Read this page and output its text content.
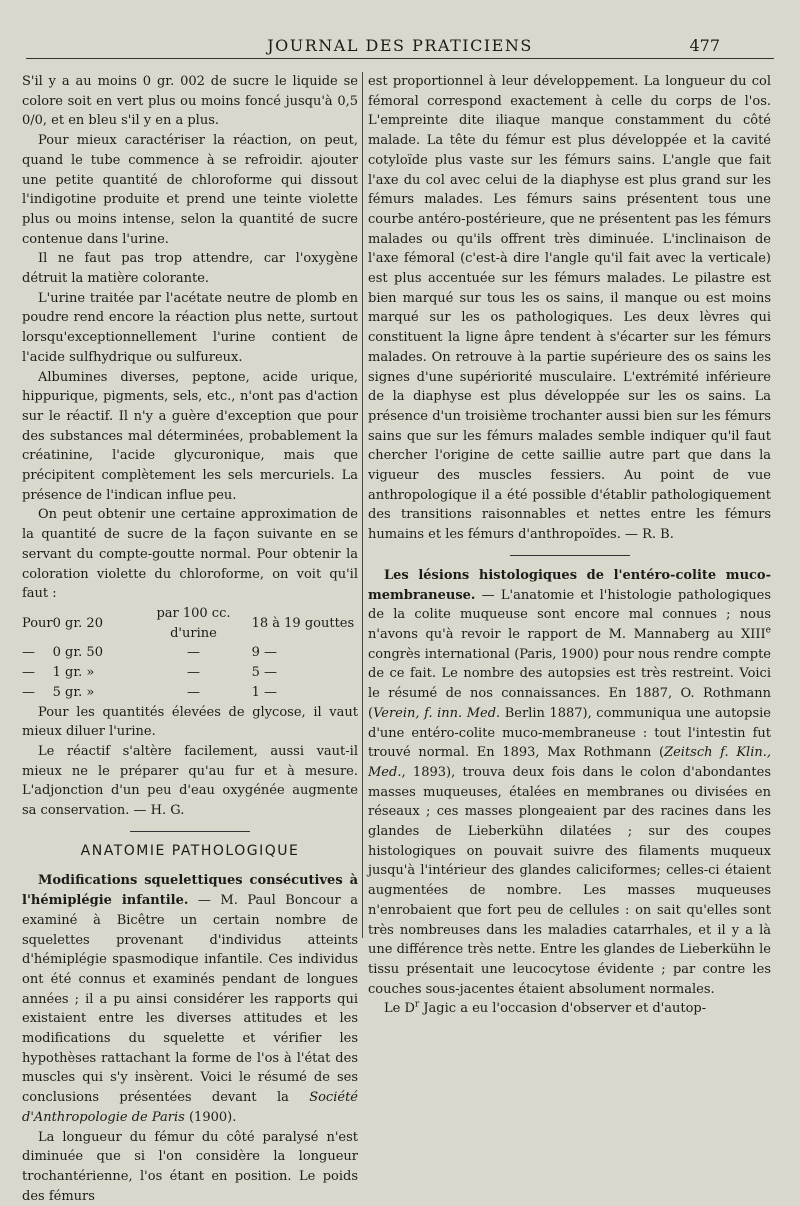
JOURNAL DES PRATICIENS	477

S'il y a au moins 0 gr. 002 de sucre le liquide se colore soit en vert plus ou moins foncé jusqu'à 0,5 0/0, et en bleu s'il y en a plus.

Pour mieux caractériser la réaction, on peut, quand le tube commence à se refroidir. ajouter une petite quantité de chloroforme qui dissout l'indigotine produite et prend une teinte violette plus ou moins intense, selon la quantité de sucre contenue dans l'urine.

Il ne faut pas trop attendre, car l'oxygène détruit la matière colorante.

L'urine traitée par l'acétate neutre de plomb en poudre rend encore la réaction plus nette, surtout lorsqu'exceptionnellement l'urine contient de l'acide sulfhydrique ou sulfureux.

Albumines diverses, peptone, acide urique, hippurique, pigments, sels, etc., n'ont pas d'action sur le réactif. Il n'y a guère d'exception que pour des substances mal déterminées, probablement la créatinine, l'acide glycuronique, mais que précipitent complètement les sels mercuriels. La présence de l'indican influe peu.

On peut obtenir une certaine approximation de la quantité de sucre de la façon suivante en se servant du compte-goutte normal. Pour obtenir la coloration violette du chloroforme, on voit qu'il faut :

Pour	0 gr. 20	par 100 cc. d'urine	18 à 19 gouttes
—	0 gr. 50	—	9 —
—	1 gr. »	—	5 —
—	5 gr. »	—	1 —

Pour les quantités élevées de glycose, il vaut mieux diluer l'urine.

Le réactif s'altère facilement, aussi vaut-il mieux ne le préparer qu'au fur et à mesure. L'adjonction d'un peu d'eau oxygénée augmente sa conservation. — H. G.

ANATOMIE PATHOLOGIQUE

Modifications squelettiques consécutives à l'hémiplégie infantile. — M. Paul Boncour a examiné à Bicêtre un certain nombre de squelettes provenant d'individus atteints d'hémiplégie spasmodique infantile. Ces individus ont été connus et examinés pendant de longues années ; il a pu ainsi considérer les rapports qui existaient entre les diverses attitudes et les modifications du squelette et vérifier les hypothèses rattachant la forme de l'os à l'état des muscles qui s'y insèrent. Voici le résumé de ses conclusions présentées devant la Société d'Anthropologie de Paris (1900).

La longueur du fémur du côté paralysé n'est diminuée que si l'on considère la longueur trochantérienne, l'os étant en position. Le poids des fémurs

est proportionnel à leur développement. La longueur du col fémoral correspond exactement à celle du corps de l'os. L'empreinte dite iliaque manque constamment du côté malade. La tête du fémur est plus développée et la cavité cotyloïde plus vaste sur les fémurs sains. L'angle que fait l'axe du col avec celui de la diaphyse est plus grand sur les fémurs malades. Les fémurs sains présentent tous une courbe antéro-postérieure, que ne présentent pas les fémurs malades ou qu'ils offrent très diminuée. L'inclinaison de l'axe fémoral (c'est-à dire l'angle qu'il fait avec la verticale) est plus accentuée sur les fémurs malades. Le pilastre est bien marqué sur tous les os sains, il manque ou est moins marqué sur les os pathologiques. Les deux lèvres qui constituent la ligne âpre tendent à s'écarter sur les fémurs malades. On retrouve à la partie supérieure des os sains les signes d'une supériorité musculaire. L'extrémité inférieure de la diaphyse est plus développée sur les os sains. La présence d'un troisième trochanter aussi bien sur les fémurs sains que sur les fémurs malades semble indiquer qu'il faut chercher l'origine de cette saillie autre part que dans la vigueur des muscles fessiers. Au point de vue anthropologique il a été possible d'établir pathologiquement des transitions raisonnables et nettes entre les fémurs humains et les fémurs d'anthropoïdes. — R. B.

Les lésions histologiques de l'entéro-colite muco-membraneuse. — L'anatomie et l'histologie pathologiques de la colite muqueuse sont encore mal connues ; nous n'avons qu'à revoir le rapport de M. Mannaberg au XIIIe congrès international (Paris, 1900) pour nous rendre compte de ce fait. Le nombre des autopsies est très restreint. Voici le résumé de nos connaissances. En 1887, O. Rothmann (Verein, f. inn. Med. Berlin 1887), communiqua une autopsie d'une entéro-colite muco-membraneuse : tout l'intestin fut trouvé normal. En 1893, Max Rothmann (Zeitsch f. Klin., Med., 1893), trouva deux fois dans le colon d'abondantes masses muqueuses, étalées en membranes ou divisées en réseaux ; ces masses plongeaient par des racines dans les glandes de Lieberkühn dilatées ; sur des coupes histologiques on pouvait suivre des filaments muqueux jusqu'à l'intérieur des glandes caliciformes; celles-ci étaient augmentées de nombre. Les masses muqueuses n'enrobaient que fort peu de cellules : on sait qu'elles sont très nombreuses dans les maladies catarrhales, et il y a là une différence très nette. Entre les glandes de Lieberkühn le tissu présentait une leucocytose évidente ; par contre les couches sous-jacentes étaient absolument normales.

Le $D^r$ Jagic a eu l'occasion d'observer et d'autop-
